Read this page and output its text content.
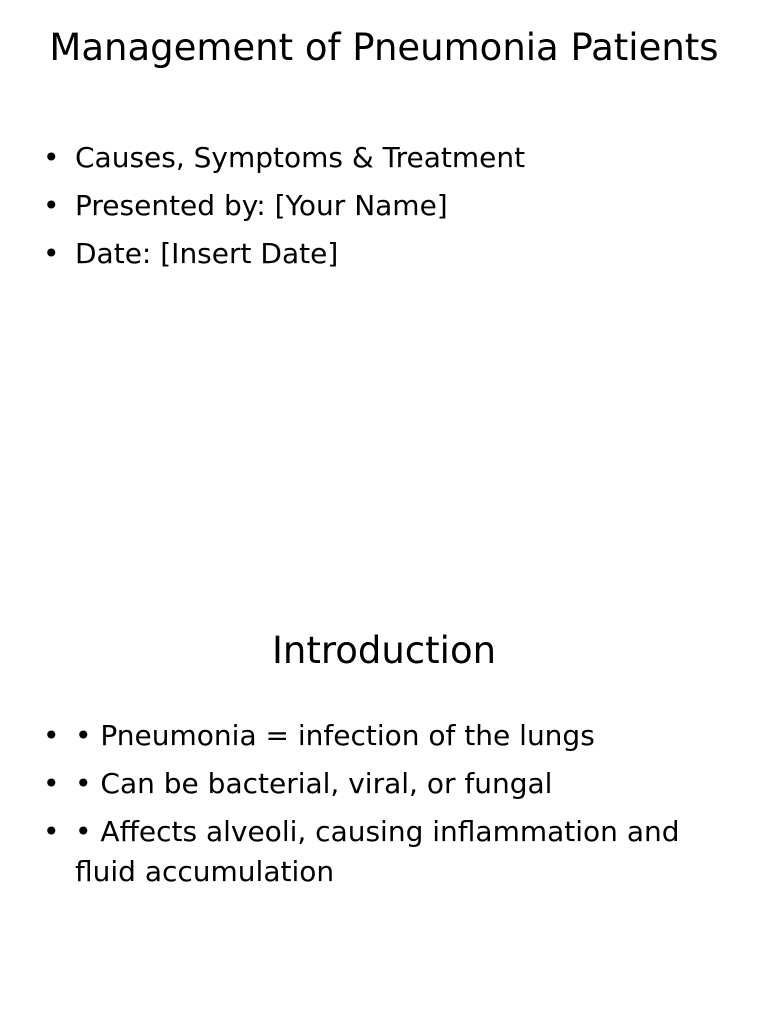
Management of Pneumonia Patients
• Causes, Symptoms & Treatment
• Presented by: [Your Name]
• Date: [Insert Date]
Introduction
• • Pneumonia = infection of the lungs
• • Can be bacterial, viral, or fungal
• • Affects alveoli, causing inflammation and fluid accumulation
